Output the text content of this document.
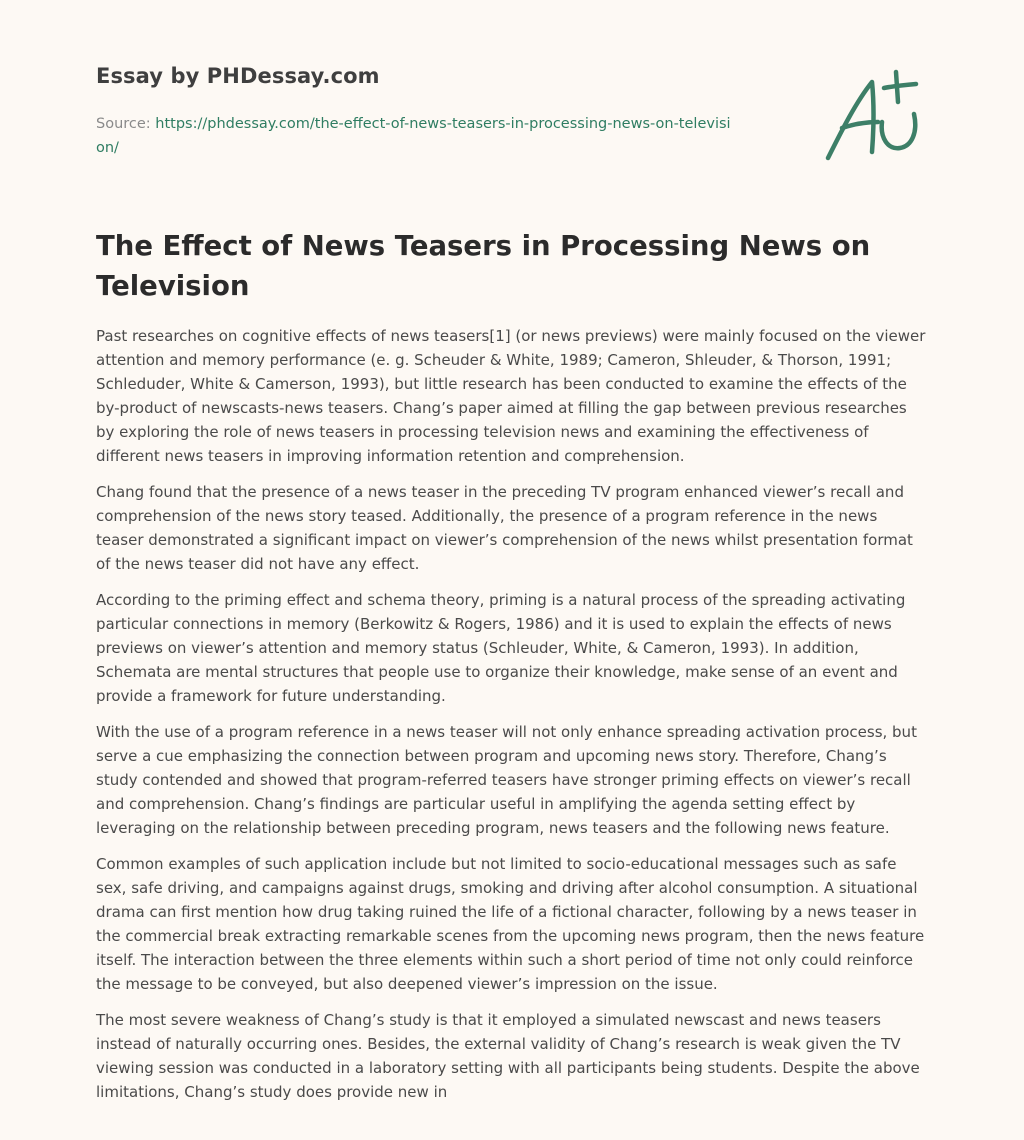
Essay by PHDessay.com
Source: https://phdessay.com/the-effect-of-news-teasers-in-processing-news-on-television/
The Effect of News Teasers in Processing News on Television

Past researches on cognitive effects of news teasers[1] (or news previews) were mainly focused on the viewer attention and memory performance (e. g. Scheuder & White, 1989; Cameron, Shleuder, & Thorson, 1991; Schleduder, White & Camerson, 1993), but little research has been conducted to examine the effects of the by-product of newscasts-news teasers. Chang’s paper aimed at filling the gap between previous researches by exploring the role of news teasers in processing television news and examining the effectiveness of different news teasers in improving information retention and comprehension.

Chang found that the presence of a news teaser in the preceding TV program enhanced viewer’s recall and comprehension of the news story teased. Additionally, the presence of a program reference in the news teaser demonstrated a significant impact on viewer’s comprehension of the news whilst presentation format of the news teaser did not have any effect.

According to the priming effect and schema theory, priming is a natural process of the spreading activating particular connections in memory (Berkowitz & Rogers, 1986) and it is used to explain the effects of news previews on viewer’s attention and memory status (Schleuder, White, & Cameron, 1993). In addition, Schemata are mental structures that people use to organize their knowledge, make sense of an event and provide a framework for future understanding.

With the use of a program reference in a news teaser will not only enhance spreading activation process, but serve a cue emphasizing the connection between program and upcoming news story. Therefore, Chang’s study contended and showed that program-referred teasers have stronger priming effects on viewer’s recall and comprehension. Chang’s findings are particular useful in amplifying the agenda setting effect by leveraging on the relationship between preceding program, news teasers and the following news feature.

Common examples of such application include but not limited to socio-educational messages such as safe sex, safe driving, and campaigns against drugs, smoking and driving after alcohol consumption. A situational drama can first mention how drug taking ruined the life of a fictional character, following by a news teaser in the commercial break extracting remarkable scenes from the upcoming news program, then the news feature itself. The interaction between the three elements within such a short period of time not only could reinforce the message to be conveyed, but also deepened viewer’s impression on the issue.

The most severe weakness of Chang’s study is that it employed a simulated newscast and news teasers instead of naturally occurring ones. Besides, the external validity of Chang’s research is weak given the TV viewing session was conducted in a laboratory setting with all participants being students. Despite the above limitations, Chang’s study does provide new in
